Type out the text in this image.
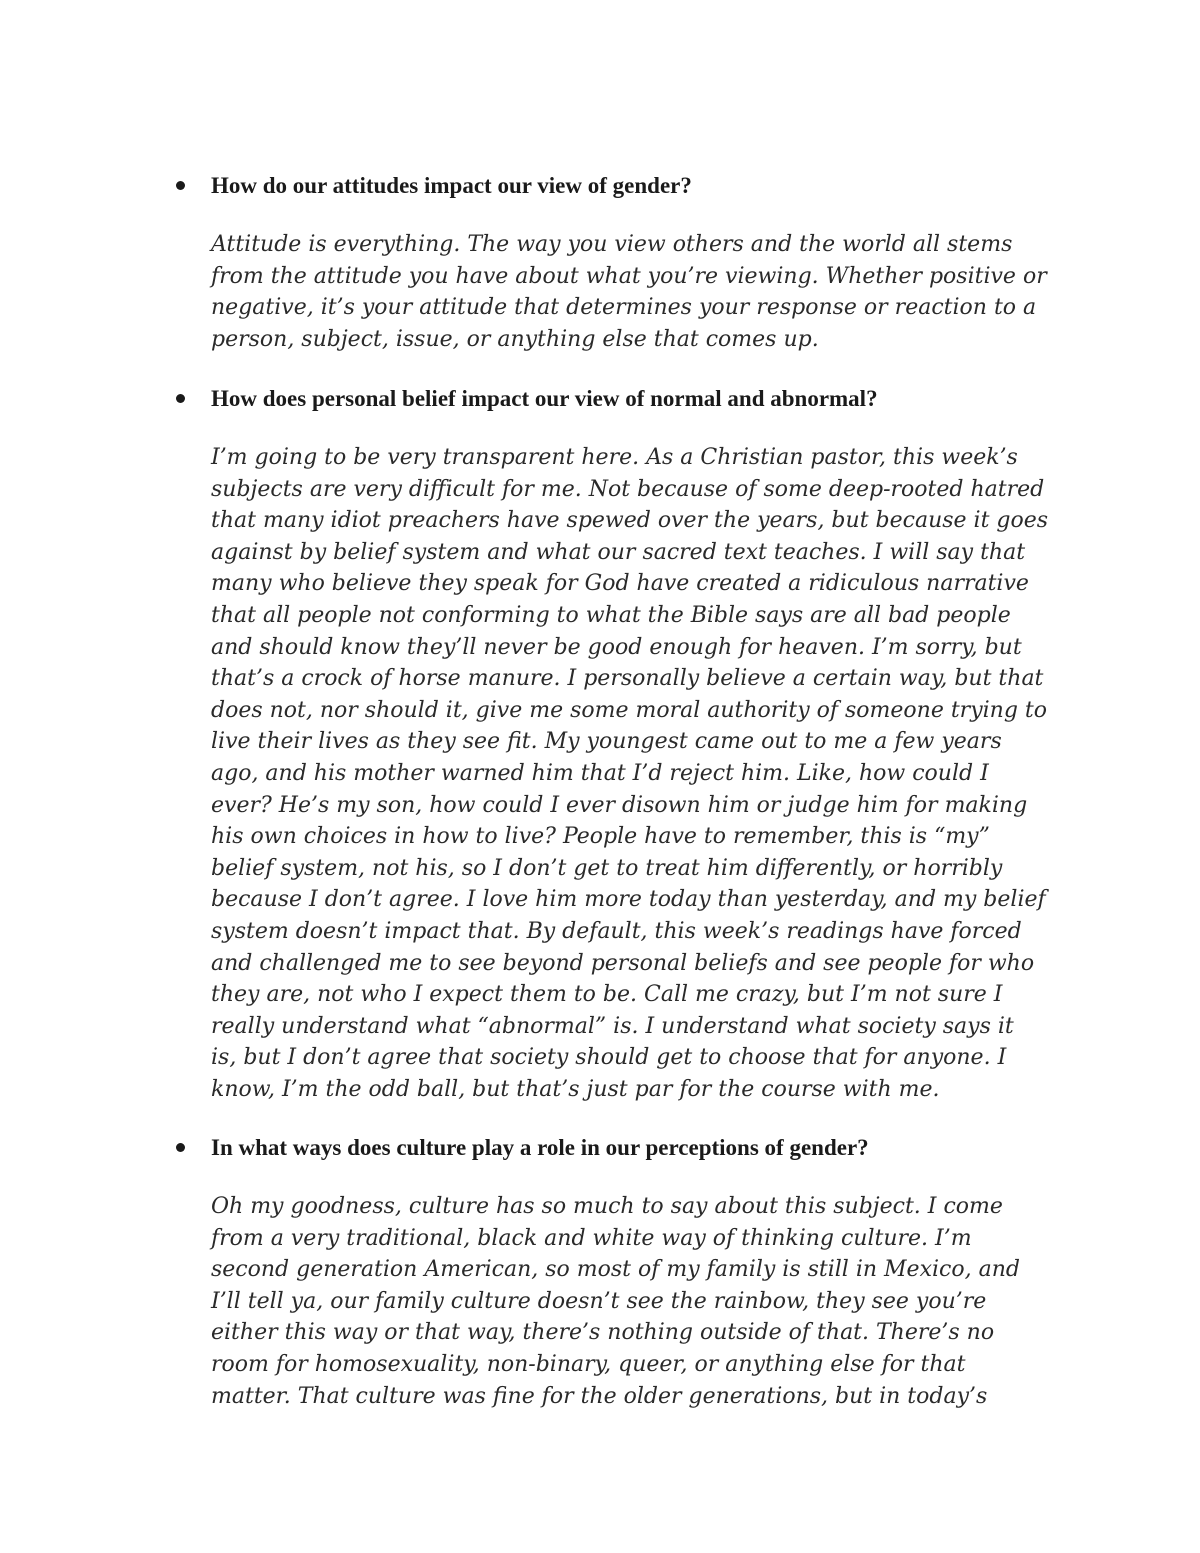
How do our attitudes impact our view of gender?
Attitude is everything. The way you view others and the world all stems
from the attitude you have about what you’re viewing. Whether positive or
negative, it’s your attitude that determines your response or reaction to a
person, subject, issue, or anything else that comes up.
How does personal belief impact our view of normal and abnormal?
I’m going to be very transparent here. As a Christian pastor, this week’s
subjects are very difficult for me. Not because of some deep-rooted hatred
that many idiot preachers have spewed over the years, but because it goes
against by belief system and what our sacred text teaches. I will say that
many who believe they speak for God have created a ridiculous narrative
that all people not conforming to what the Bible says are all bad people
and should know they’ll never be good enough for heaven. I’m sorry, but
that’s a crock of horse manure. I personally believe a certain way, but that
does not, nor should it, give me some moral authority of someone trying to
live their lives as they see fit. My youngest came out to me a few years
ago, and his mother warned him that I’d reject him. Like, how could I
ever? He’s my son, how could I ever disown him or judge him for making
his own choices in how to live? People have to remember, this is “my”
belief system, not his, so I don’t get to treat him differently, or horribly
because I don’t agree. I love him more today than yesterday, and my belief
system doesn’t impact that. By default, this week’s readings have forced
and challenged me to see beyond personal beliefs and see people for who
they are, not who I expect them to be. Call me crazy, but I’m not sure I
really understand what “abnormal” is. I understand what society says it
is, but I don’t agree that society should get to choose that for anyone. I
know, I’m the odd ball, but that’s just par for the course with me.
In what ways does culture play a role in our perceptions of gender?
Oh my goodness, culture has so much to say about this subject. I come
from a very traditional, black and white way of thinking culture. I’m
second generation American, so most of my family is still in Mexico, and
I’ll tell ya, our family culture doesn’t see the rainbow, they see you’re
either this way or that way, there’s nothing outside of that. There’s no
room for homosexuality, non-binary, queer, or anything else for that
matter. That culture was fine for the older generations, but in today’s
